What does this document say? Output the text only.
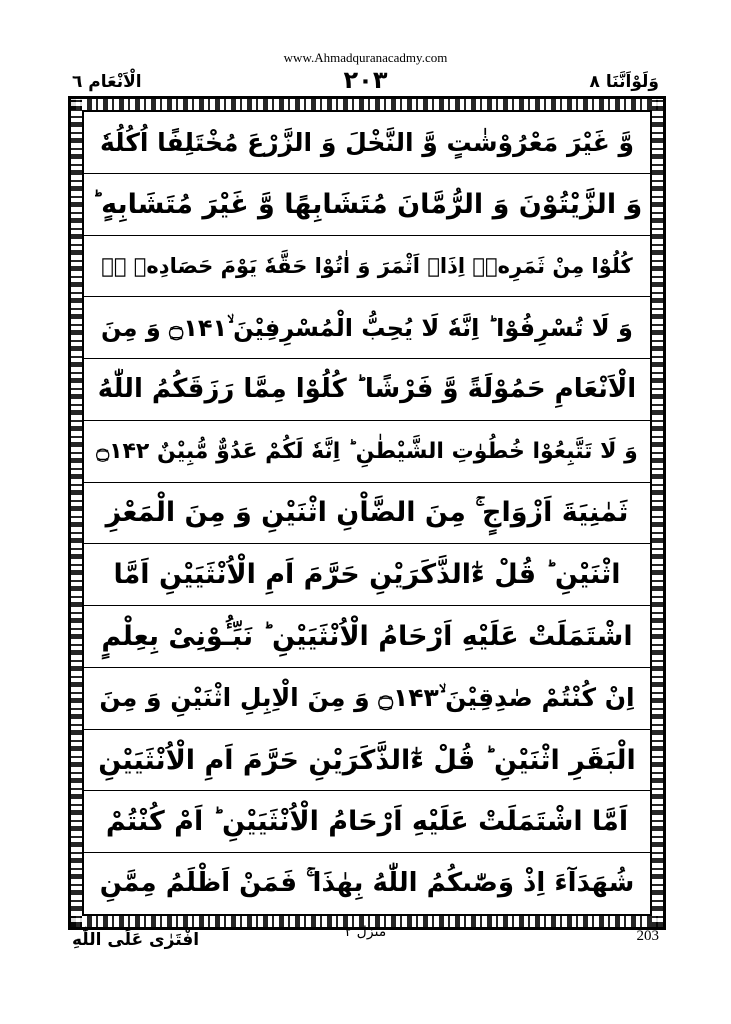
www.Ahmadquranacadmy.com
الْاَنْعَام ٦	٢٠٣	وَلَوْاَنَّنَا ٨
وَّ غَیْرَ مَعْرُوْشٰتٍ وَّ النَّخْلَ وَ الزَّرْعَ مُخْتَلِفًا اُكُلُهٗ
وَ الزَّیْتُوْنَ وَ الرُّمَّانَ مُتَشَابِهًا وَّ غَیْرَ مُتَشَابِهٍ ؕ
كُلُوْا مِنْ ثَمَرِهٖۤ اِذَاۤ اَثْمَرَ وَ اٰتُوْا حَقَّهٗ یَوْمَ حَصَادِهٖ ۖؗ
وَ لَا تُسْرِفُوْا ؕ اِنَّهٗ لَا یُحِبُّ الْمُسْرِفِیْنَ ۙ۝۱۴۱ وَ مِنَ
الْاَنْعَامِ حَمُوْلَةً وَّ فَرْشًا ؕ كُلُوْا مِمَّا رَزَقَكُمُ اللّٰهُ
وَ لَا تَتَّبِعُوْا خُطُوٰتِ الشَّیْطٰنِ ؕ اِنَّهٗ لَكُمْ عَدُوٌّ مُّبِیْنٌ ۝۱۴۲
ثَمٰنِیَةَ اَزْوَاجٍ ۚ مِنَ الضَّاْنِ اثْنَیْنِ وَ مِنَ الْمَعْزِ
اثْنَیْنِ ؕ قُلْ ءٰٓالذَّكَرَیْنِ حَرَّمَ اَمِ الْاُنْثَیَیْنِ اَمَّا
اشْتَمَلَتْ عَلَیْهِ اَرْحَامُ الْاُنْثَیَیْنِ ؕ نَبِّـُٔوْنِیْ بِعِلْمٍ
اِنْ كُنْتُمْ صٰدِقِیْنَ ۙ۝۱۴۳ وَ مِنَ الْاِبِلِ اثْنَیْنِ وَ مِنَ
الْبَقَرِ اثْنَیْنِ ؕ قُلْ ءٰٓالذَّكَرَیْنِ حَرَّمَ اَمِ الْاُنْثَیَیْنِ
اَمَّا اشْتَمَلَتْ عَلَیْهِ اَرْحَامُ الْاُنْثَیَیْنِ ؕ اَمْ كُنْتُمْ
شُهَدَآءَ اِذْ وَصّٰىكُمُ اللّٰهُ بِهٰذَا ۚ فَمَنْ اَظْلَمُ مِمَّنِ
افْتَرٰی عَلَی اللّٰهِ	منزل ٢	203
